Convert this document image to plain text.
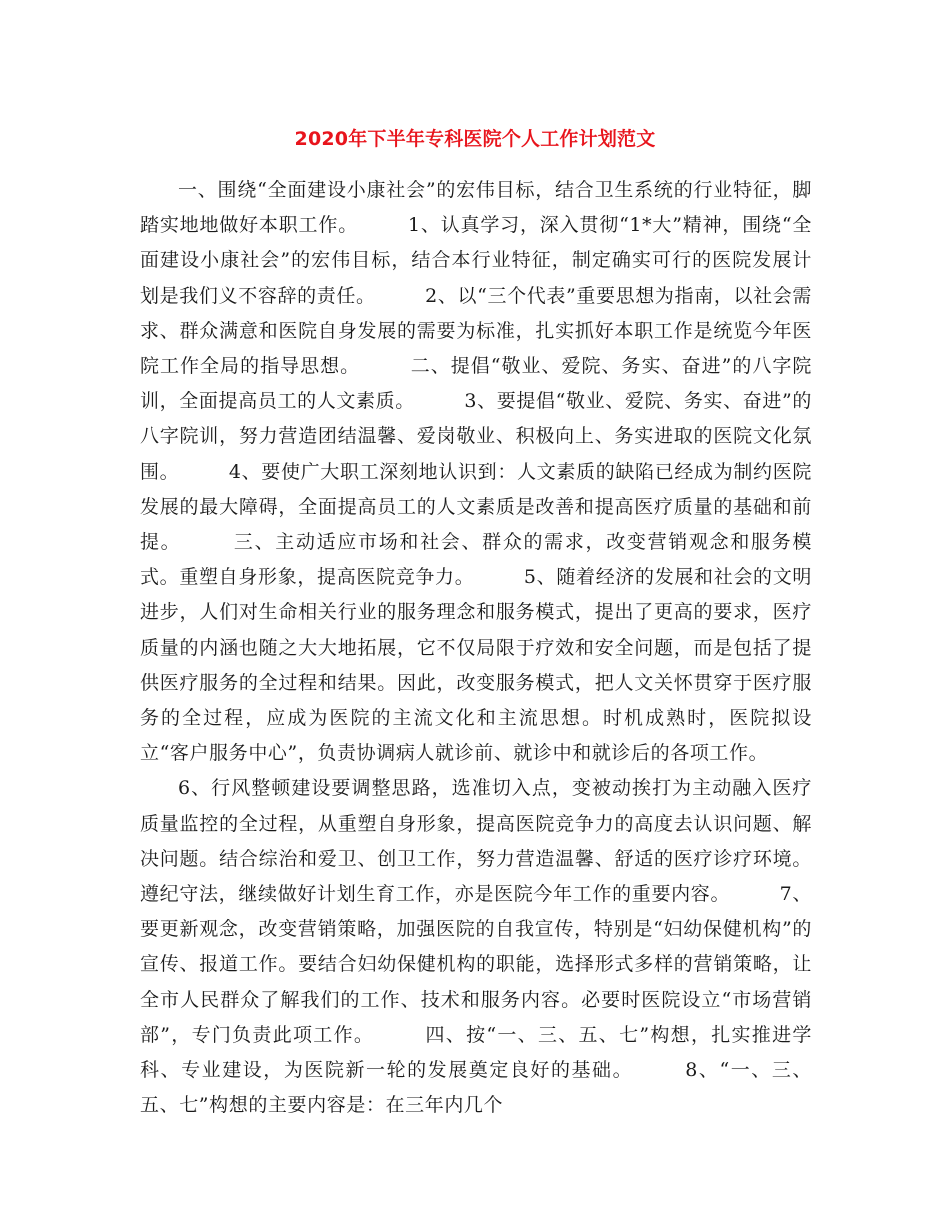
2020年下半年专科医院个人工作计划范文

一、围绕“全面建设小康社会”的宏伟目标，结合卫生系统的行业特征，脚踏实地地做好本职工作。　　　1、认真学习，深入贯彻“1*大”精神，围绕“全面建设小康社会”的宏伟目标，结合本行业特征，制定确实可行的医院发展计划是我们义不容辞的责任。　　　2、以“三个代表”重要思想为指南，以社会需求、群众满意和医院自身发展的需要为标准，扎实抓好本职工作是统览今年医院工作全局的指导思想。　　　二、提倡“敬业、爱院、务实、奋进”的八字院训，全面提高员工的人文素质。　　　3、要提倡“敬业、爱院、务实、奋进”的八字院训，努力营造团结温馨、爱岗敬业、积极向上、务实进取的医院文化氛围。　　　4、要使广大职工深刻地认识到：人文素质的缺陷已经成为制约医院发展的最大障碍，全面提高员工的人文素质是改善和提高医疗质量的基础和前提。　　　三、主动适应市场和社会、群众的需求，改变营销观念和服务模式。重塑自身形象，提高医院竞争力。　　　5、随着经济的发展和社会的文明进步，人们对生命相关行业的服务理念和服务模式，提出了更高的要求，医疗质量的内涵也随之大大地拓展，它不仅局限于疗效和安全问题，而是包括了提供医疗服务的全过程和结果。因此，改变服务模式，把人文关怀贯穿于医疗服务的全过程，应成为医院的主流文化和主流思想。时机成熟时，医院拟设立“客户服务中心”，负责协调病人就诊前、就诊中和就诊后的各项工作。

6、行风整顿建设要调整思路，选准切入点，变被动挨打为主动融入医疗质量监控的全过程，从重塑自身形象，提高医院竞争力的高度去认识问题、解决问题。结合综治和爱卫、创卫工作，努力营造温馨、舒适的医疗诊疗环境。遵纪守法，继续做好计划生育工作，亦是医院今年工作的重要内容。　　　7、要更新观念，改变营销策略，加强医院的自我宣传，特别是“妇幼保健机构”的宣传、报道工作。要结合妇幼保健机构的职能，选择形式多样的营销策略，让全市人民群众了解我们的工作、技术和服务内容。必要时医院设立“市场营销部”，专门负责此项工作。　　　四、按“一、三、五、七”构想，扎实推进学科、专业建设，为医院新一轮的发展奠定良好的基础。　　　8、“一、三、五、七”构想的主要内容是：在三年内几个
